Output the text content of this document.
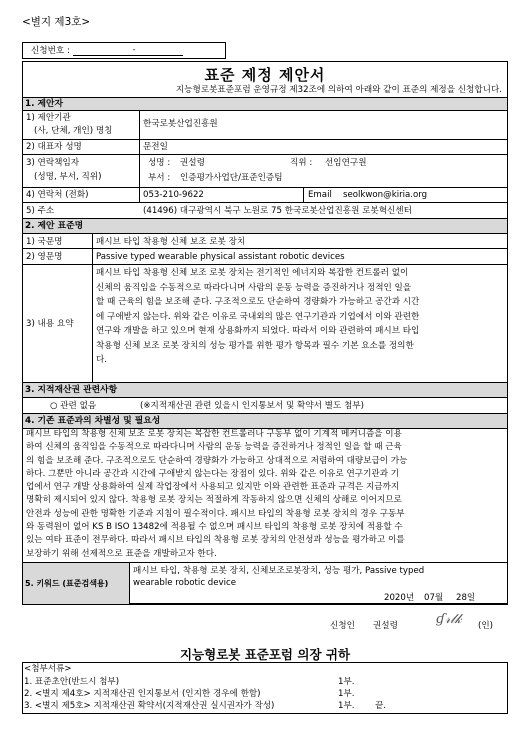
<별지 제3호>
신청번호 :	-
표준 제정 제안서
지능형로봇표준포럼 운영규정 제32조에 의하여 아래와 같이 표준의 제정을 신청합니다.
1. 제안자
1) 제안기관
(사, 단체, 개인) 명칭
한국로봇산업진흥원
2) 대표자 성명	문전일
3) 연락책임자
(성명, 부서, 직위)
성명 : 권설령	직위 : 선임연구원
부서 : 인증평가사업단/표준인증팀
4) 연락처 (전화)	053-210-9622	Email seolkwon@kiria.org
5) 주소	(41496) 대구광역시 북구 노원로 75 한국로봇산업진흥원 로봇혁신센터
2. 제안 표준명
1) 국문명	패시브 타입 착용형 신체 보조 로봇 장치
2) 영문명	Passive typed wearable physical assistant robotic devices
3) 내용 요약
패시브 타입 착용형 신체 보조 로봇 장치는 전기적인 에너지와 복잡한 컨트롤러 없이
신체의 움직임을 수동적으로 따라다니며 사람의 운동 능력을 증진하거나 정적인 일을
할 때 근육의 힘을 보조해 준다. 구조적으로도 단순하여 경량화가 가능하고 공간과 시간
에 구애받지 않는다. 위와 같은 이유로 국내외의 많은 연구기관과 기업에서 이와 관련한
연구와 개발을 하고 있으며 현재 상용화까지 되었다. 따라서 이와 관련하여 패시브 타입
착용형 신체 보조 로봇 장치의 성능 평가를 위한 평가 항목과 필수 기본 요소를 정의한
다.
3. 지적재산권 관련사항
○ 관련 없음	(※지적재산권 관련 있을시 인지통보서 및 확약서 별도 첨부)
4. 기존 표준과의 차별성 및 필요성
패시브 타입의 착용형 신체 보조 로봇 장치는 복잡한 컨트롤러나 구동부 없이 기계적 메커니즘을 이용
하여 신체의 움직임을 수동적으로 따라다니며 사람의 운동 능력을 증진하거나 정적인 일을 할 때 근육
의 힘을 보조해 준다. 구조적으로도 단순하여 경량화가 가능하고 상대적으로 저렴하여 대량보급이 가능
하다. 그뿐만 아니라 공간과 시간에 구애받지 않는다는 장점이 있다. 위와 같은 이유로 연구기관과 기
업에서 연구 개발 상용화하여 실제 작업장에서 사용되고 있지만 이와 관련한 표준과 규격은 지금까지
명확히 제시되어 있지 않다. 착용형 로봇 장치는 적절하게 작동하지 않으면 신체의 상해로 이어지므로
안전과 성능에 관한 명확한 기준과 지침이 필수적이다. 패시브 타입의 착용형 로봇 장치의 경우 구동부
와 동력원이 없어 KS B ISO 13482에 적용될 수 없으며 패시브 타입의 착용형 로봇 장치에 적용할 수
있는 여타 표준이 전무하다. 따라서 패시브 타입의 착용형 로봇 장치의 안전성과 성능을 평가하고 이를
보장하기 위해 선제적으로 표준을 개발하고자 한다.
5. 키워드 (표준검색용)
패시브 타입, 착용형 로봇 장치, 신체보조로봇장치, 성능 평가, Passive typed
wearable robotic device
2020년 07월 28일
신청인 권설령	ɠ𝓇𝓁𝓀 (인)
지능형로봇 표준포럼 의장 귀하
<첨부서류>
1. 표준초안(반드시 첨부)	1부.
2. <별지 제4호> 지적재산권 인지통보서 (인지한 경우에 한함)	1부.
3. <별지 제5호> 지적재산권 확약서(지적재산권 실시권자가 작성)	1부. 끝.
